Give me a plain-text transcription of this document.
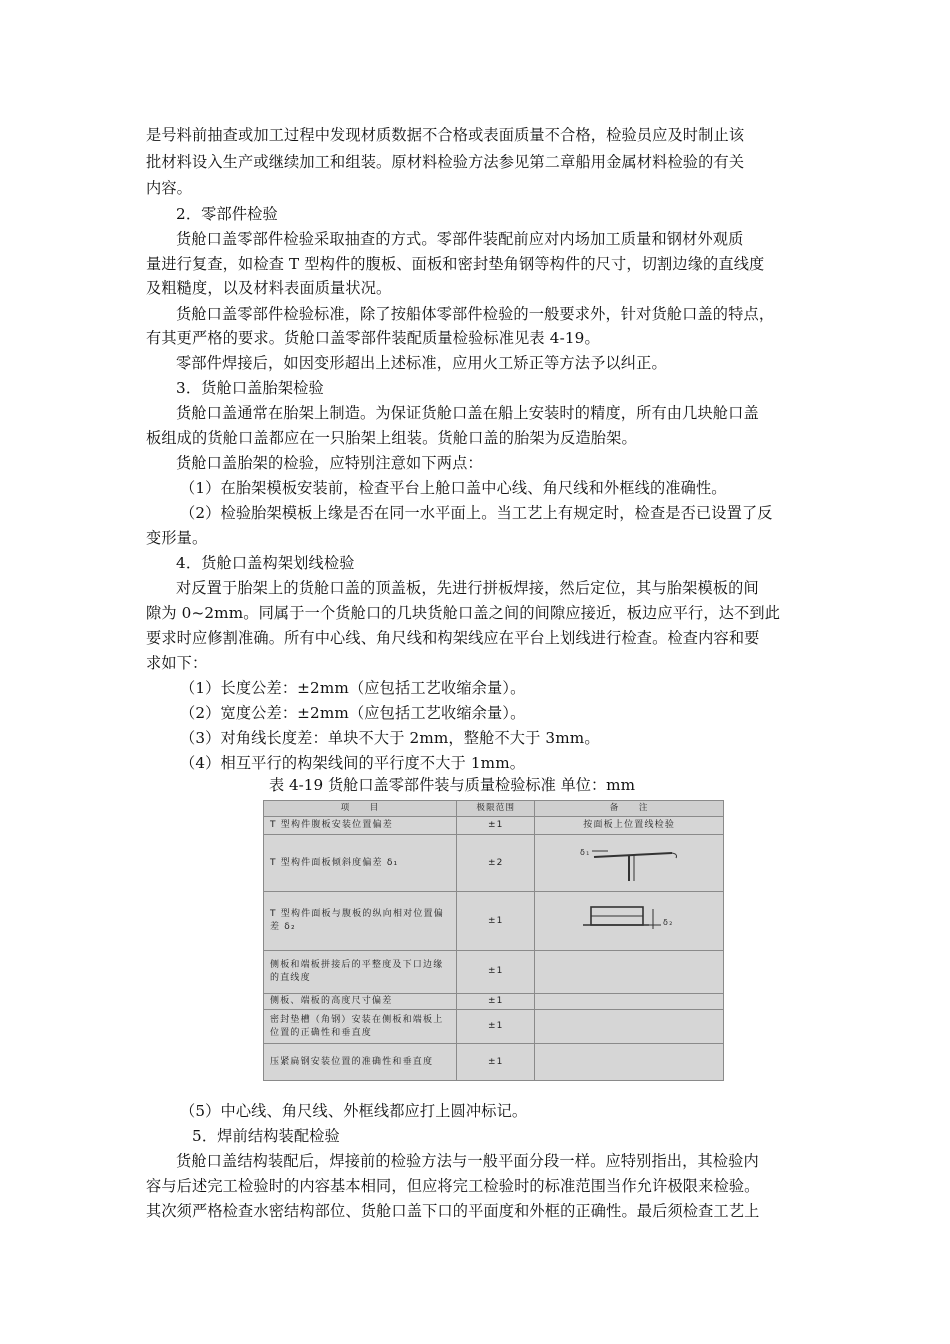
是号料前抽查或加工过程中发现材质数据不合格或表面质量不合格，检验员应及时制止该
批材料设入生产或继续加工和组装。原材料检验方法参见第二章船用金属材料检验的有关
内容。
2．零部件检验
货舱口盖零部件检验采取抽查的方式。零部件装配前应对内场加工质量和钢材外观质
量进行复查，如检查 T 型构件的腹板、面板和密封垫角钢等构件的尺寸，切割边缘的直线度
及粗糙度，以及材料表面质量状况。
货舱口盖零部件检验标准，除了按船体零部件检验的一般要求外，针对货舱口盖的特点，
有其更严格的要求。货舱口盖零部件装配质量检验标准见表 4-19。
零部件焊接后，如因变形超出上述标准，应用火工矫正等方法予以纠正。
3．货舱口盖胎架检验
货舱口盖通常在胎架上制造。为保证货舱口盖在船上安装时的精度，所有由几块舱口盖
板组成的货舱口盖都应在一只胎架上组装。货舱口盖的胎架为反造胎架。
货舱口盖胎架的检验，应特别注意如下两点：
（1）在胎架模板安装前，检查平台上舱口盖中心线、角尺线和外框线的准确性。
（2）检验胎架模板上缘是否在同一水平面上。当工艺上有规定时，检查是否已设置了反
变形量。
4．货舱口盖构架划线检验
对反置于胎架上的货舱口盖的顶盖板，先进行拼板焊接，然后定位，其与胎架模板的间
隙为 0~2mm。同属于一个货舱口的几块货舱口盖之间的间隙应接近，板边应平行，达不到此
要求时应修割准确。所有中心线、角尺线和构架线应在平台上划线进行检查。检查内容和要
求如下：
（1）长度公差：±2mm（应包括工艺收缩余量）。
（2）宽度公差：±2mm（应包括工艺收缩余量）。
（3）对角线长度差：单块不大于 2mm，整舱不大于 3mm。
（4）相互平行的构架线间的平行度不大于 1mm。
表 4-19 货舱口盖零部件装与质量检验标准 单位：mm
项　　目	极限范围	备　　注
T 型构件腹板安装位置偏差	±1	按面板上位置线检验
T 型构件面板倾斜度偏差 δ₁	±2	δ₁

T 型构件面板与腹板的纵向相对位置偏差 δ₂	±1	δ₂

侧板和端板拼接后的平整度及下口边缘的直线度	±1	
侧板、端板的高度尺寸偏差	±1	
密封垫槽（角钢）安装在侧板和端板上位置的正确性和垂直度	±1	
压紧扁钢安装位置的准确性和垂直度	±1	
（5）中心线、角尺线、外框线都应打上圆冲标记。
5．焊前结构装配检验
货舱口盖结构装配后，焊接前的检验方法与一般平面分段一样。应特别指出，其检验内
容与后述完工检验时的内容基本相同，但应将完工检验时的标准范围当作允许极限来检验。
其次须严格检查水密结构部位、货舱口盖下口的平面度和外框的正确性。最后须检查工艺上
